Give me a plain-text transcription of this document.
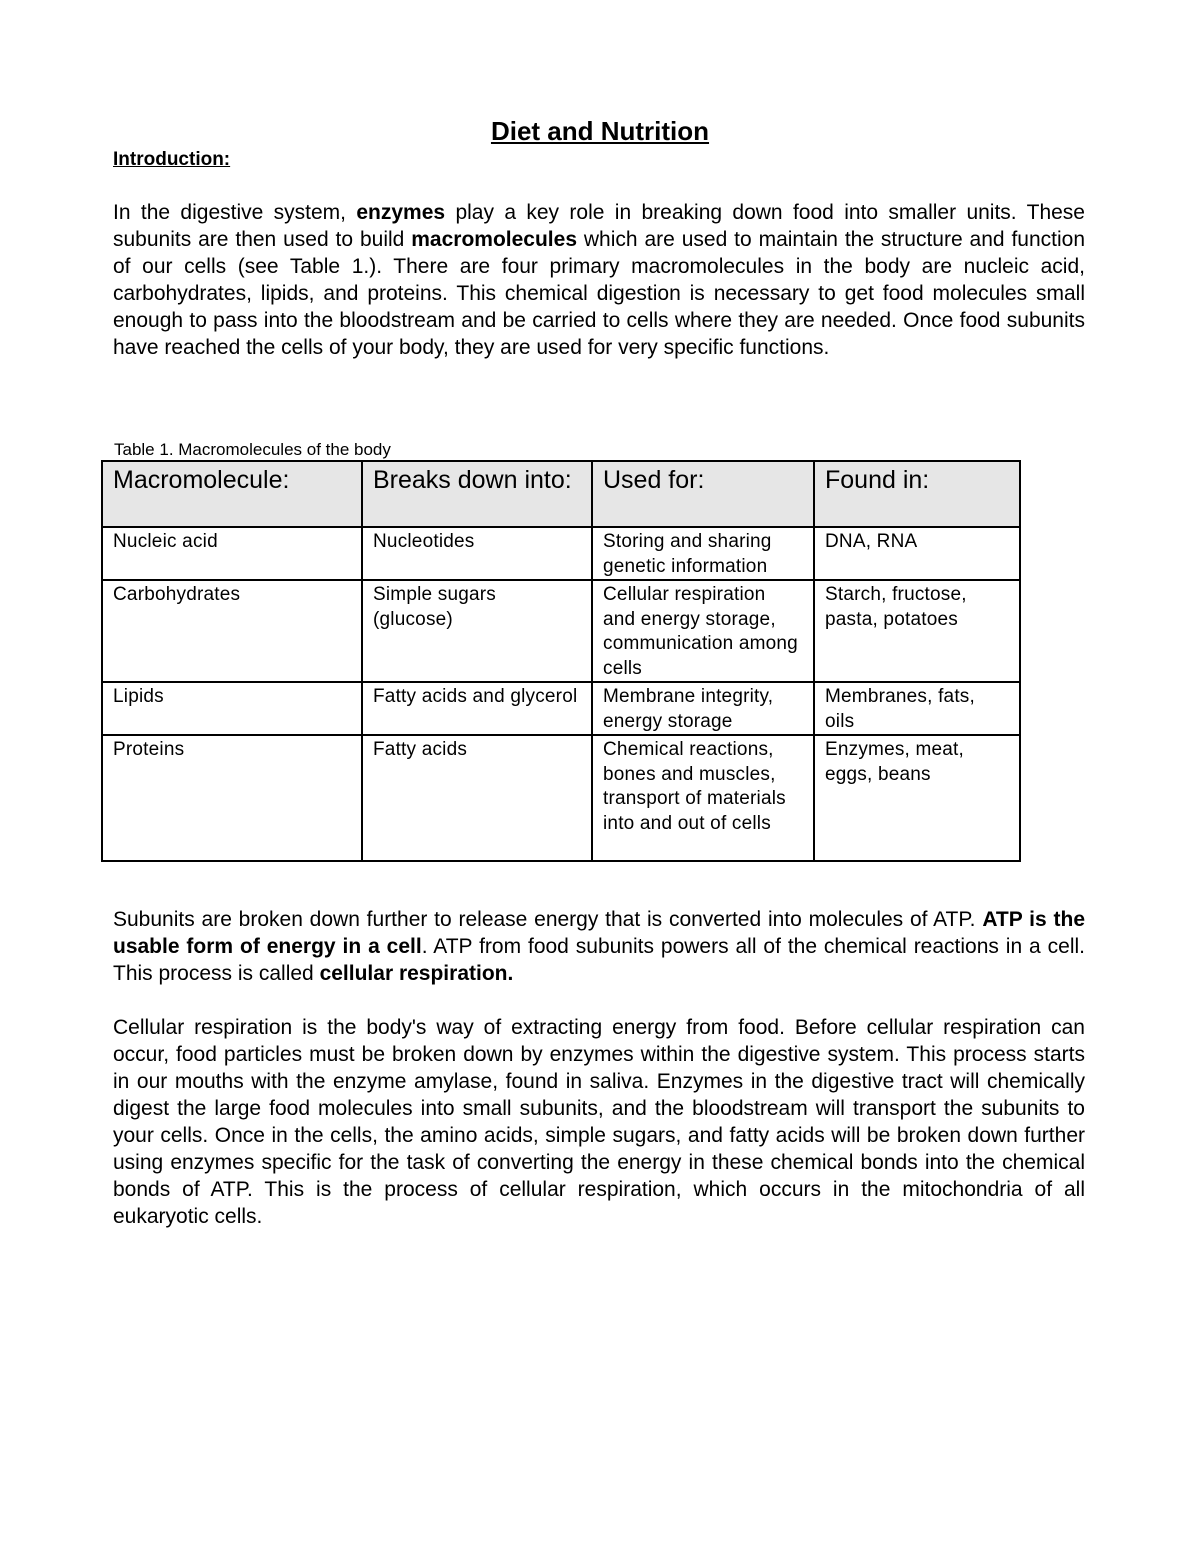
Diet and Nutrition
Introduction:

In the digestive system, enzymes play a key role in breaking down food into smaller units. These subunits are then used to build macromolecules which are used to maintain the structure and function of our cells (see Table 1.). There are four primary macromolecules in the body are nucleic acid, carbohydrates, lipids, and proteins. This chemical digestion is necessary to get food molecules small enough to pass into the bloodstream and be carried to cells where they are needed. Once food subunits have reached the cells of your body, they are used for very specific functions.

Table 1. Macromolecules of the body
Macromolecule:	Breaks down into:	Used for:	Found in:
Nucleic acid	Nucleotides	Storing and sharing genetic information	DNA, RNA
Carbohydrates	Simple sugars (glucose)	Cellular respiration and energy storage, communication among cells	Starch, fructose, pasta, potatoes
Lipids	Fatty acids and glycerol	Membrane integrity, energy storage	Membranes, fats, oils
Proteins	Fatty acids	Chemical reactions, bones and muscles, transport of materials into and out of cells	Enzymes, meat, eggs, beans

Subunits are broken down further to release energy that is converted into molecules of ATP. ATP is the usable form of energy in a cell. ATP from food subunits powers all of the chemical reactions in a cell. This process is called cellular respiration.

Cellular respiration is the body's way of extracting energy from food. Before cellular respiration can occur, food particles must be broken down by enzymes within the digestive system. This process starts in our mouths with the enzyme amylase, found in saliva. Enzymes in the digestive tract will chemically digest the large food molecules into small subunits, and the bloodstream will transport the subunits to your cells. Once in the cells, the amino acids, simple sugars, and fatty acids will be broken down further using enzymes specific for the task of converting the energy in these chemical bonds into the chemical bonds of ATP. This is the process of cellular respiration, which occurs in the mitochondria of all eukaryotic cells.
